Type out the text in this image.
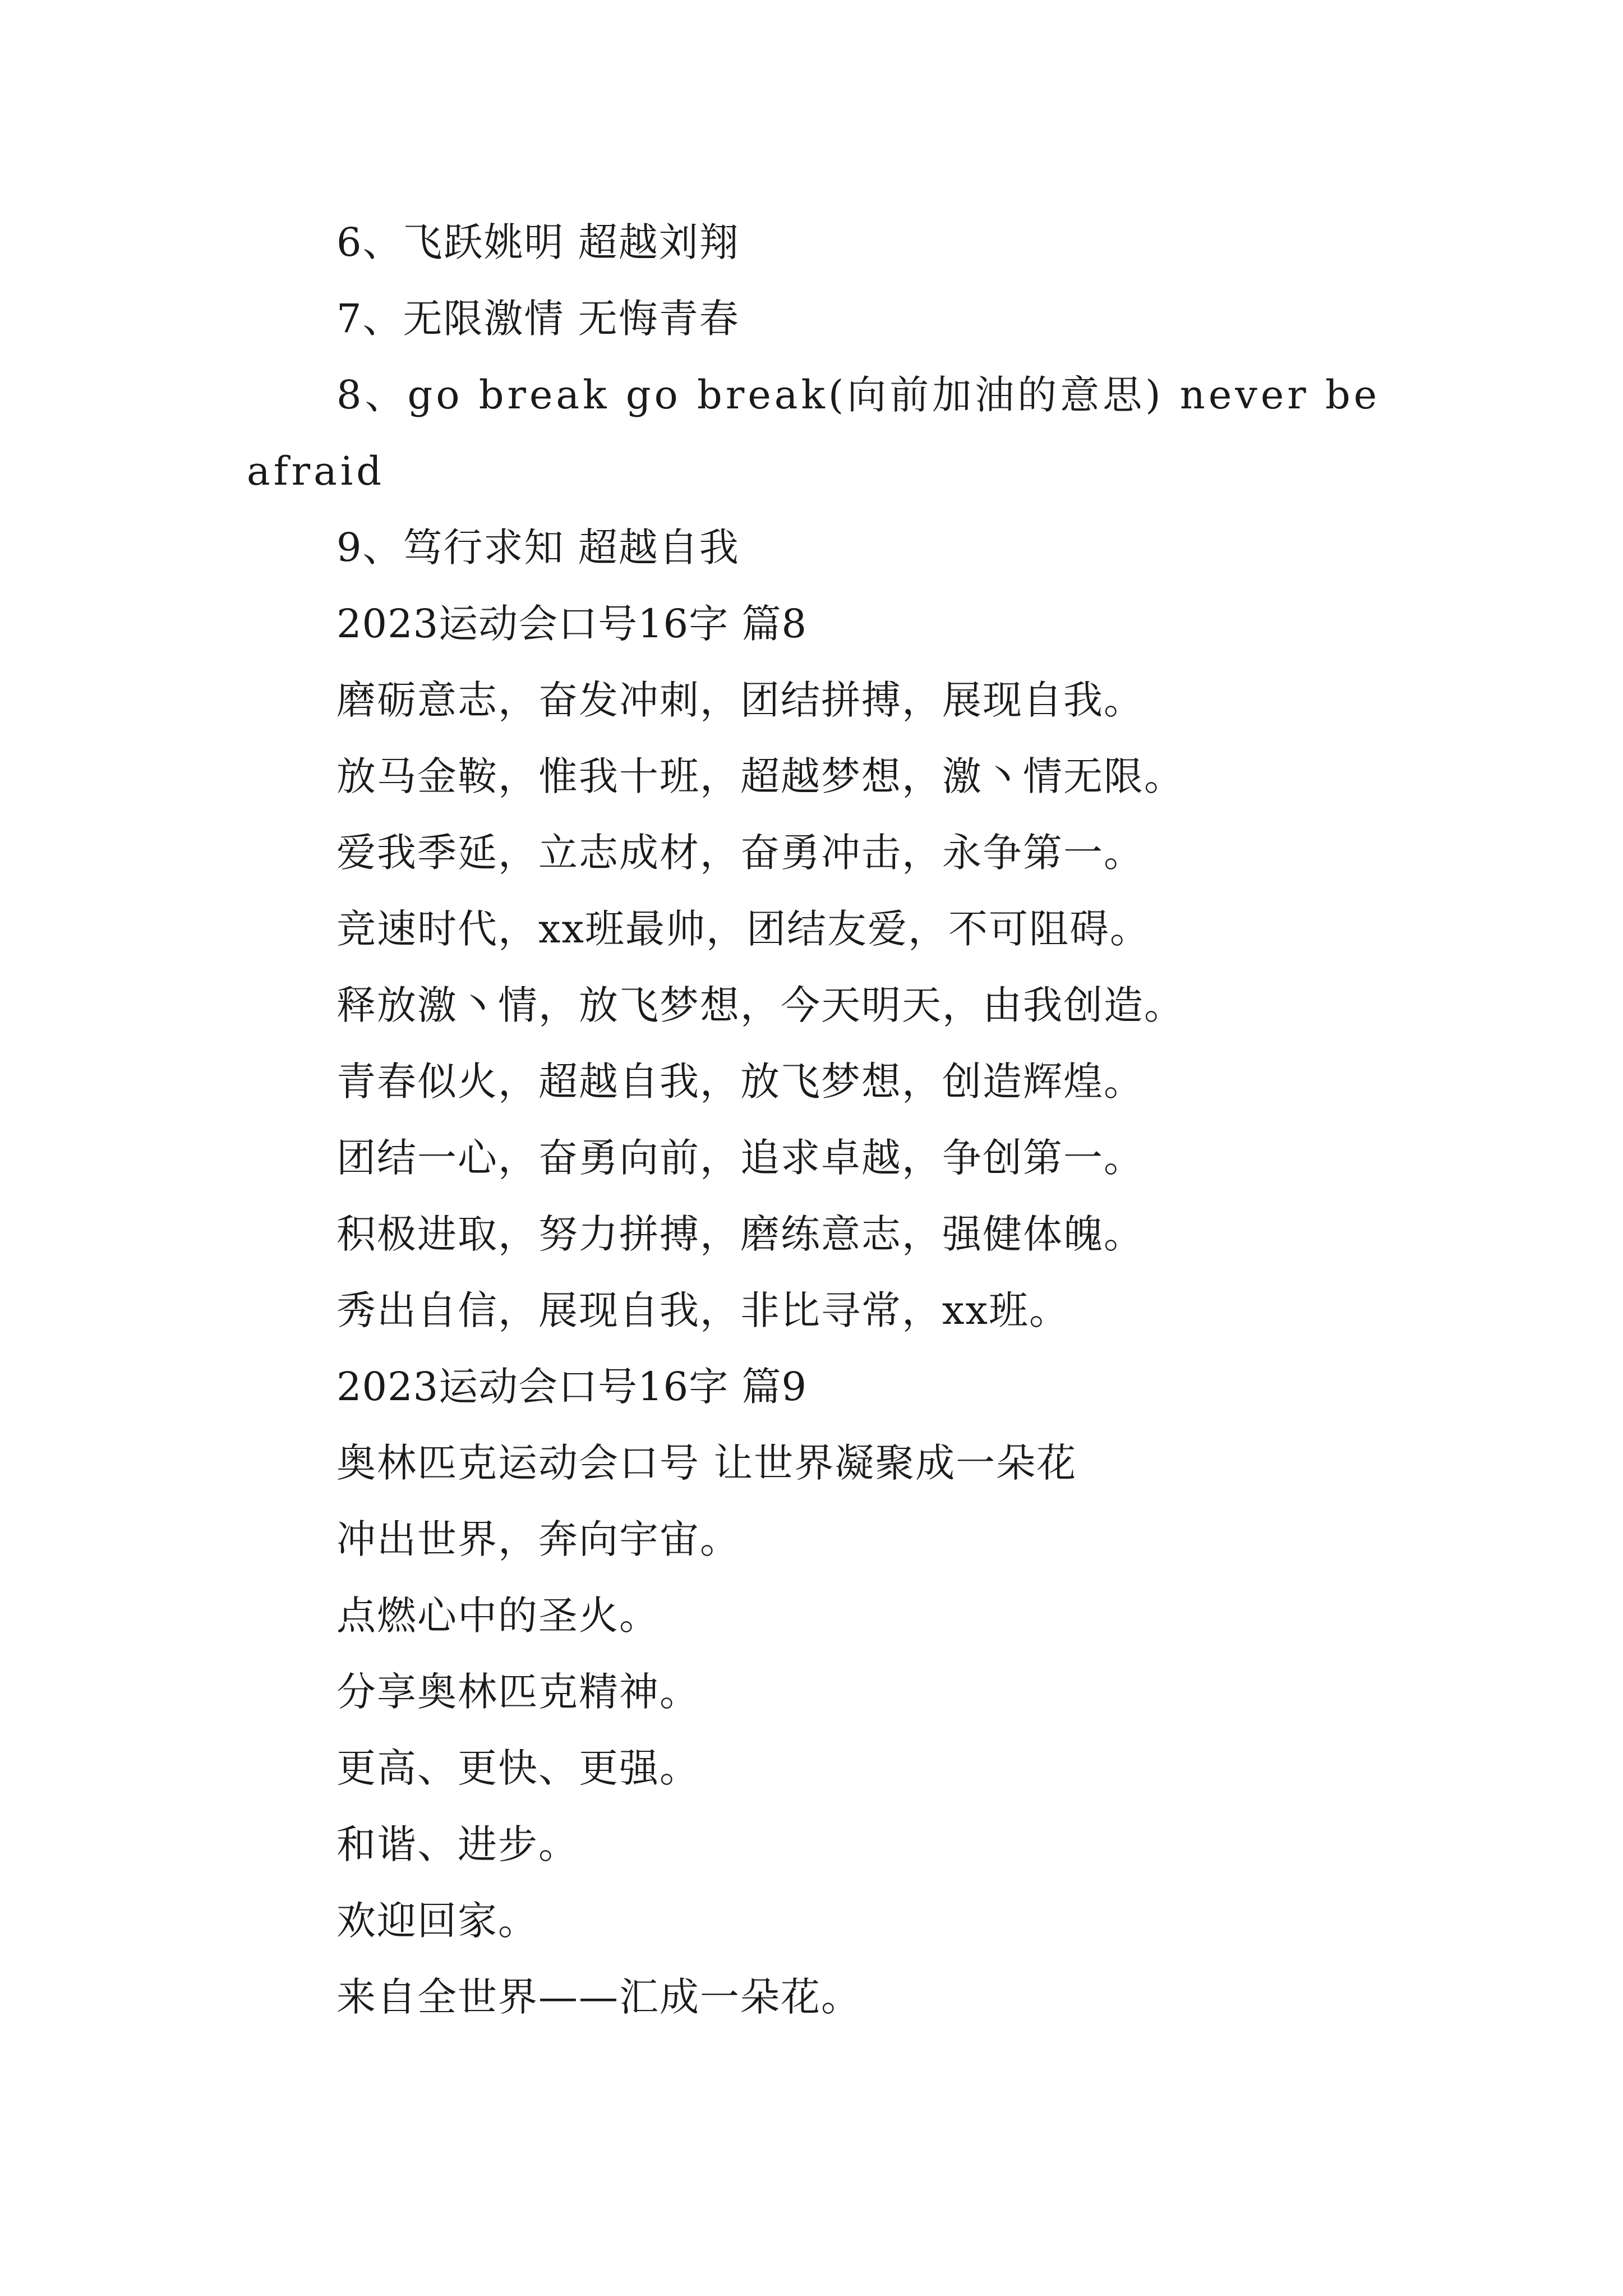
6、飞跃姚明 超越刘翔
7、无限激情 无悔青春
8、go break go break(向前加油的意思) never be
afraid
9、笃行求知 超越自我
2023运动会口号16字 篇8
磨砺意志，奋发冲刺，团结拼搏，展现自我。
放马金鞍，惟我十班，超越梦想，激丶情无限。
爱我季延，立志成材，奋勇冲击，永争第一。
竞速时代，xx班最帅，团结友爱，不可阻碍。
释放激丶情，放飞梦想，今天明天，由我创造。
青春似火，超越自我，放飞梦想，创造辉煌。
团结一心，奋勇向前，追求卓越，争创第一。
积极进取，努力拼搏，磨练意志，强健体魄。
秀出自信，展现自我，非比寻常，xx班。
2023运动会口号16字 篇9
奥林匹克运动会口号 让世界凝聚成一朵花
冲出世界，奔向宇宙。
点燃心中的圣火。
分享奥林匹克精神。
更高、更快、更强。
和谐、进步。
欢迎回家。
来自全世界——汇成一朵花。
